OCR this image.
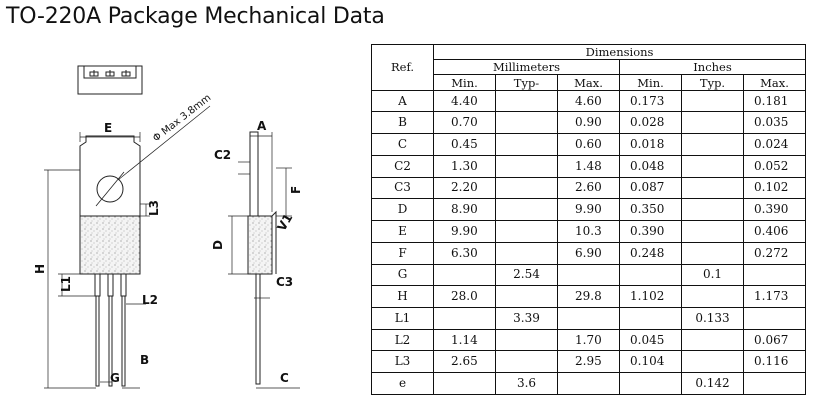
TO-220A Package Mechanical Data
E	Φ Max 3.8mm	A
C2
F
V1
L3
D
H
L1	C3
L2
B
G	C
Ref.	Dimensions					
	Millimeters			Inches		
	Min.	Typ-	Max.	Min.	Typ.	Max.
A	4.40		4.60	0.173		0.181
B	0.70		0.90	0.028		0.035
C	0.45		0.60	0.018		0.024
C2	1.30		1.48	0.048		0.052
C3	2.20		2.60	0.087		0.102
D	8.90		9.90	0.350		0.390
E	9.90		10.3	0.390		0.406
F	6.30		6.90	0.248		0.272
G		2.54			0.1	
H	28.0		29.8	1.102		1.173
L1		3.39			0.133	
L2	1.14		1.70	0.045		0.067
L3	2.65		2.95	0.104		0.116
e		3.6			0.142	
